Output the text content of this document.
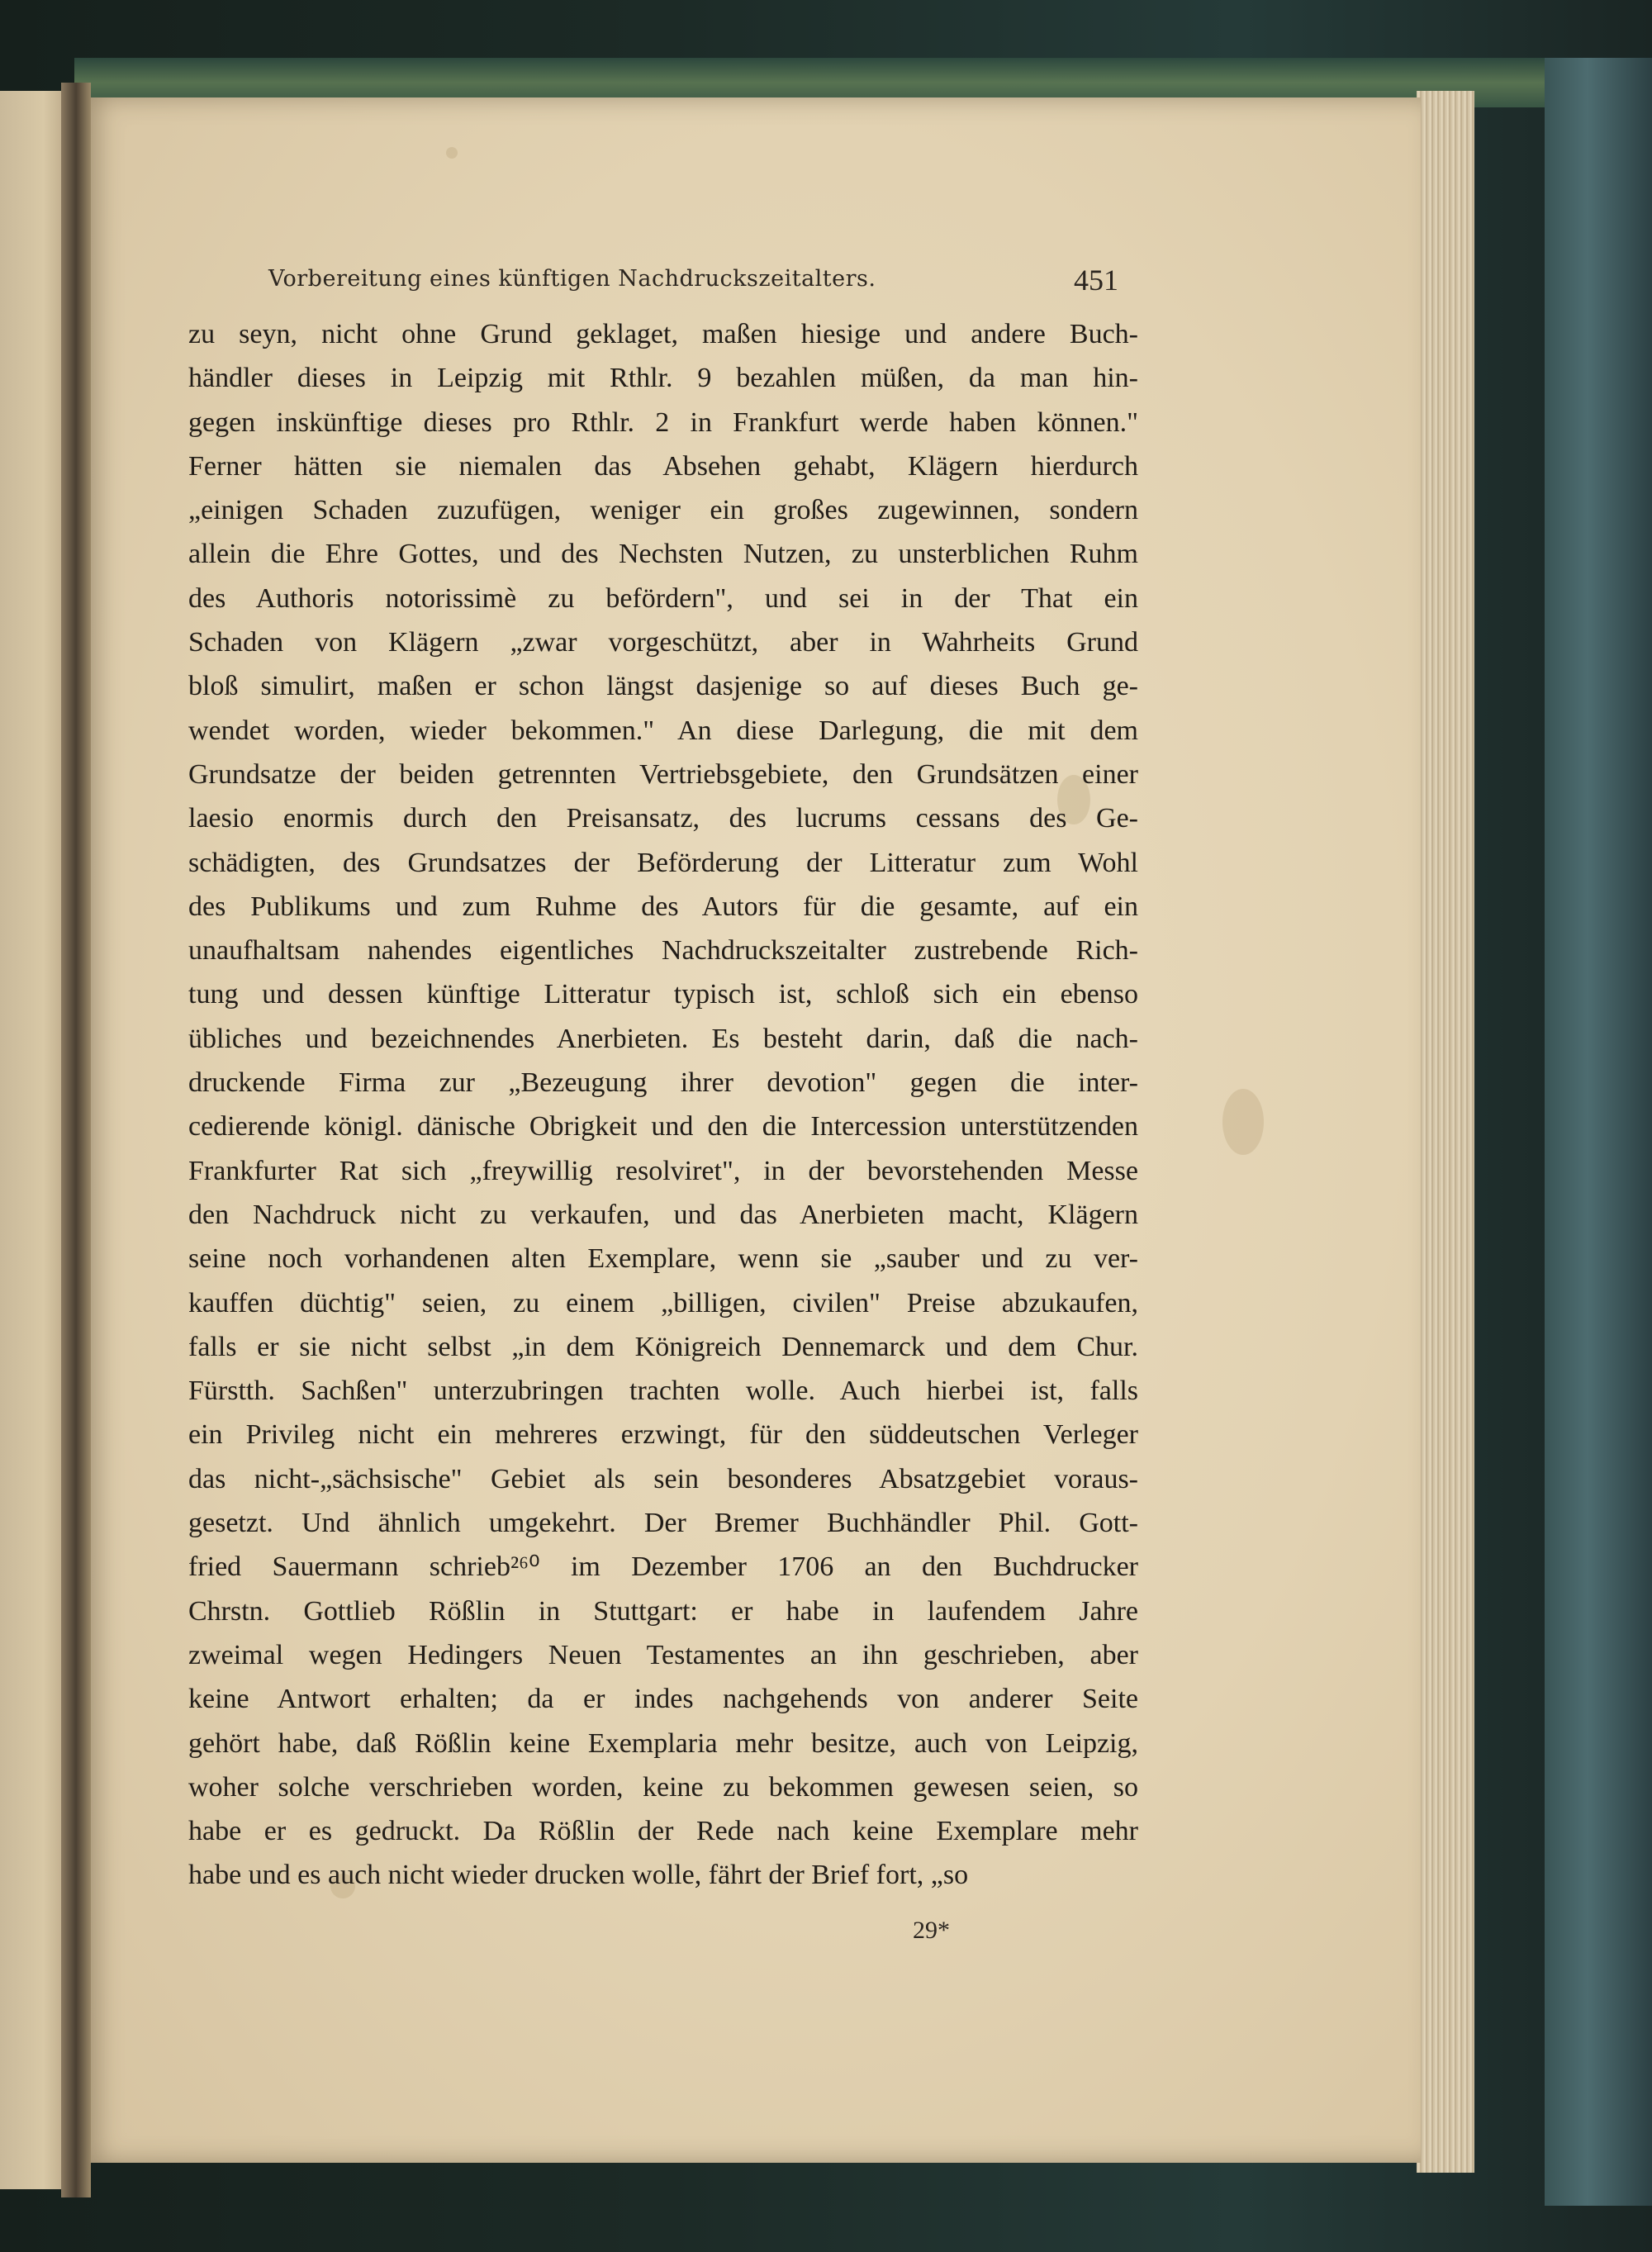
Vorbereitung eines künftigen Nachdruckszeitalters.	451
zu seyn, nicht ohne Grund geklaget, maßen hiesige und andere Buch-
händler dieses in Leipzig mit Rthlr. 9 bezahlen müßen, da man hin-
gegen inskünftige dieses pro Rthlr. 2 in Frankfurt werde haben können."
Ferner hätten sie niemalen das Absehen gehabt, Klägern hierdurch
„einigen Schaden zuzufügen, weniger ein großes zugewinnen, sondern
allein die Ehre Gottes, und des Nechsten Nutzen, zu unsterblichen Ruhm
des Authoris notorissimè zu befördern", und sei in der That ein
Schaden von Klägern „zwar vorgeschützt, aber in Wahrheits Grund
bloß simulirt, maßen er schon längst dasjenige so auf dieses Buch ge-
wendet worden, wieder bekommen." An diese Darlegung, die mit dem
Grundsatze der beiden getrennten Vertriebsgebiete, den Grundsätzen einer
laesio enormis durch den Preisansatz, des lucrums cessans des Ge-
schädigten, des Grundsatzes der Beförderung der Litteratur zum Wohl
des Publikums und zum Ruhme des Autors für die gesamte, auf ein
unaufhaltsam nahendes eigentliches Nachdruckszeitalter zustrebende Rich-
tung und dessen künftige Litteratur typisch ist, schloß sich ein ebenso
übliches und bezeichnendes Anerbieten. Es besteht darin, daß die nach-
druckende Firma zur „Bezeugung ihrer devotion" gegen die inter-
cedierende königl. dänische Obrigkeit und den die Intercession unterstützenden
Frankfurter Rat sich „freywillig resolviret", in der bevorstehenden Messe
den Nachdruck nicht zu verkaufen, und das Anerbieten macht, Klägern
seine noch vorhandenen alten Exemplare, wenn sie „sauber und zu ver-
kauffen düchtig" seien, zu einem „billigen, civilen" Preise abzukaufen,
falls er sie nicht selbst „in dem Königreich Dennemarck und dem Chur.
Fürstth. Sachßen" unterzubringen trachten wolle. Auch hierbei ist, falls
ein Privileg nicht ein mehreres erzwingt, für den süddeutschen Verleger
das nicht-„sächsische" Gebiet als sein besonderes Absatzgebiet voraus-
gesetzt. Und ähnlich umgekehrt. Der Bremer Buchhändler Phil. Gott-
fried Sauermann schrieb²⁶⁰ im Dezember 1706 an den Buchdrucker
Chrstn. Gottlieb Rößlin in Stuttgart: er habe in laufendem Jahre
zweimal wegen Hedingers Neuen Testamentes an ihn geschrieben, aber
keine Antwort erhalten; da er indes nachgehends von anderer Seite
gehört habe, daß Rößlin keine Exemplaria mehr besitze, auch von Leipzig,
woher solche verschrieben worden, keine zu bekommen gewesen seien, so
habe er es gedruckt. Da Rößlin der Rede nach keine Exemplare mehr
habe und es auch nicht wieder drucken wolle, fährt der Brief fort, „so
29*
